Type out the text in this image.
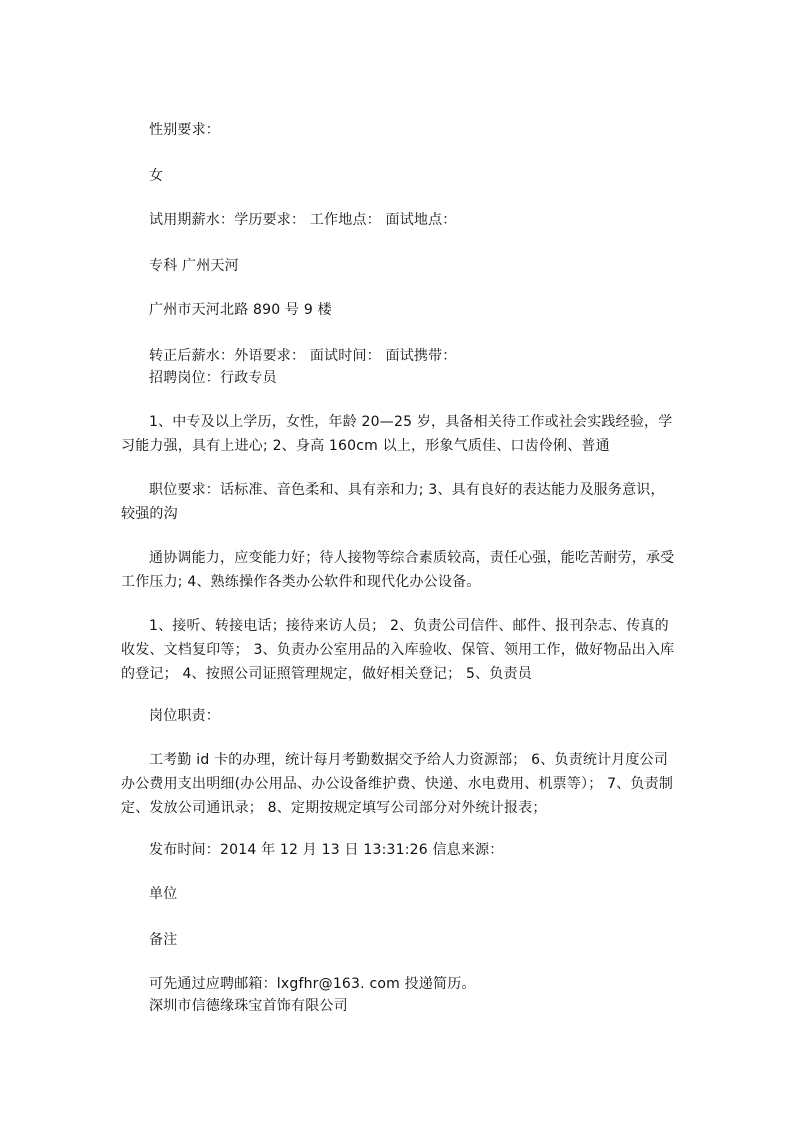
性别要求：

女

试用期薪水：学历要求： 工作地点： 面试地点：

专科 广州天河

广州市天河北路 890 号 9 楼

转正后薪水：外语要求： 面试时间： 面试携带：

招聘岗位：行政专员

1、中专及以上学历，女性，年龄 20—25 岁，具备相关待工作或社会实践经验，学习能力强，具有上进心; 2、身高 160cm 以上，形象气质佳、口齿伶俐、普通

职位要求：话标准、音色柔和、具有亲和力; 3、具有良好的表达能力及服务意识，较强的沟

通协调能力，应变能力好；待人接物等综合素质较高，责任心强，能吃苦耐劳，承受工作压力; 4、熟练操作各类办公软件和现代化办公设备。

1、接听、转接电话；接待来访人员； 2、负责公司信件、邮件、报刊杂志、传真的收发、文档复印等； 3、负责办公室用品的入库验收、保管、领用工作，做好物品出入库的登记； 4、按照公司证照管理规定，做好相关登记； 5、负责员

岗位职责：

工考勤 id 卡的办理，统计每月考勤数据交予给人力资源部； 6、负责统计月度公司办公费用支出明细(办公用品、办公设备维护费、快递、水电费用、机票等）； 7、负责制定、发放公司通讯录； 8、定期按规定填写公司部分对外统计报表；

发布时间：2014 年 12 月 13 日 13:31:26 信息来源：

单位

备注

可先通过应聘邮箱：lxgfhr@163. com 投递简历。

深圳市信德缘珠宝首饰有限公司
